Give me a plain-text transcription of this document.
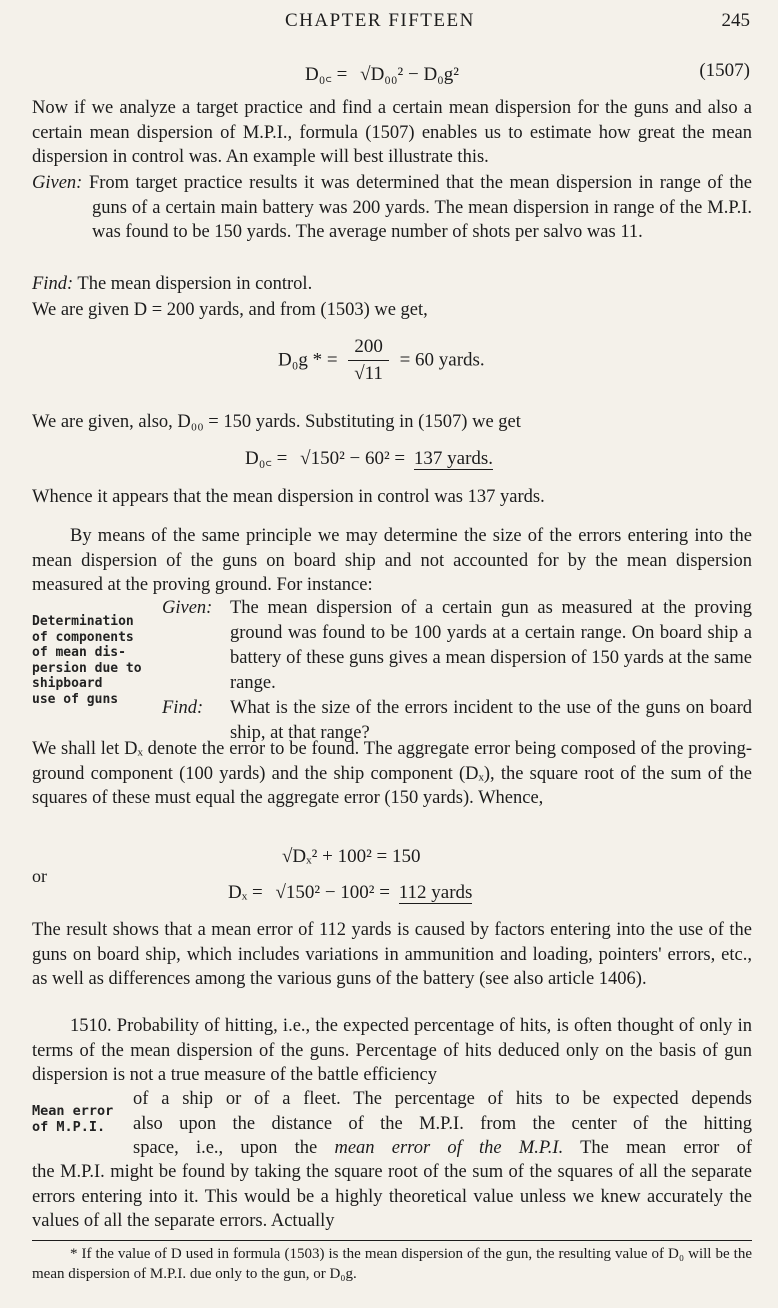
CHAPTER FIFTEEN	245
D₀꜀ = √D₀₀² − D₀g²	(1507)

Now if we analyze a target practice and find a certain mean dispersion for the guns and also a certain mean dispersion of M.P.I., formula (1507) enables us to estimate how great the mean dispersion in control was. An example will best illustrate this.

Given: From target practice results it was determined that the mean dispersion in range of the guns of a certain main battery was 200 yards. The mean dispersion in range of the M.P.I. was found to be 150 yards. The average number of shots per salvo was 11.
Find: The mean dispersion in control.

We are given D = 200 yards, and from (1503) we get,

D₀g * = $\frac{200}{√11} = 60$ yards.

We are given, also, D₀₀ = 150 yards. Substituting in (1507) we get

D₀꜀ = √150² − 60² = 137 yards.

Whence it appears that the mean dispersion in control was 137 yards.

By means of the same principle we may determine the size of the errors entering into the mean dispersion of the guns on board ship and not accounted for by the mean dispersion measured at the proving ground. For instance:

Determination
of components
of mean dis-
persion due to
shipboard
use of guns
Given: The mean dispersion of a certain gun as measured at the proving ground was found to be 100 yards at a certain range. On board ship a battery of these guns gives a mean dispersion of 150 yards at the same range.
Find:	What is the size of the errors incident to the use of the guns on board ship, at that range?

We shall let Dₓ denote the error to be found. The aggregate error being composed of the proving-ground component (100 yards) and the ship component (Dₓ), the square root of the sum of the squares of these must equal the aggregate error (150 yards). Whence,

√Dₓ² + 100² = 150
or
Dₓ = √150² − 100² = 112 yards

The result shows that a mean error of 112 yards is caused by factors entering into the use of the guns on board ship, which includes variations in ammunition and loading, pointers' errors, etc., as well as differences among the various guns of the battery (see also article 1406).

1510. Probability of hitting, i.e., the expected percentage of hits, is often thought of only in terms of the mean dispersion of the guns. Percentage of hits deduced only on the basis of gun dispersion is not a true measure of the battle efficiency

Mean error
of M.P.I.

of a ship or of a fleet. The percentage of hits to be expected depends

also upon the distance of the M.P.I. from the center of the hitting

space, i.e., upon the mean error of the M.P.I. The mean error of

the M.P.I. might be found by taking the square root of the sum of the squares of all the separate errors entering into it. This would be a highly theoretical value unless we knew accurately the values of all the separate errors. Actually

* If the value of D used in formula (1503) is the mean dispersion of the gun, the resulting value of D₀ will be the mean dispersion of M.P.I. due only to the gun, or D₀g.
